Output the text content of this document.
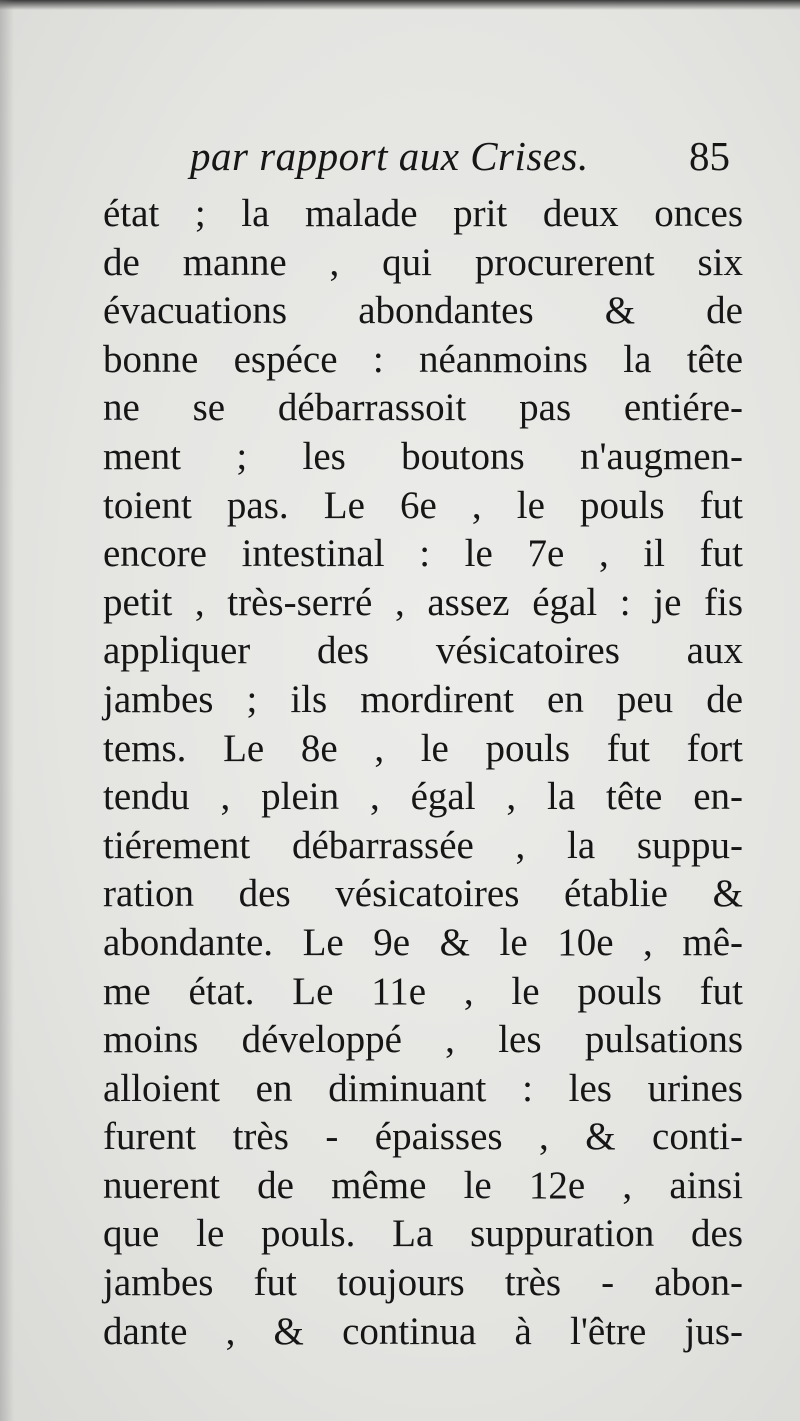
par rapport aux Crises. 85
état ; la malade prit deux onces
de manne , qui procurerent six
évacuations abondantes & de
bonne espéce : néanmoins la tête
ne se débarrassoit pas entiére-
ment ; les boutons n'augmen-
toient pas. Le 6e , le pouls fut
encore intestinal : le 7e , il fut
petit , très-serré , assez égal : je fis
appliquer des vésicatoires aux
jambes ; ils mordirent en peu de
tems. Le 8e , le pouls fut fort
tendu , plein , égal , la tête en-
tiérement débarrassée , la suppu-
ration des vésicatoires établie &
abondante. Le 9e & le 10e , mê-
me état. Le 11e , le pouls fut
moins développé , les pulsations
alloient en diminuant : les urines
furent très - épaisses , & conti-
nuerent de même le 12e , ainsi
que le pouls. La suppuration des
jambes fut toujours très - abon-
dante , & continua à l'être jus-
